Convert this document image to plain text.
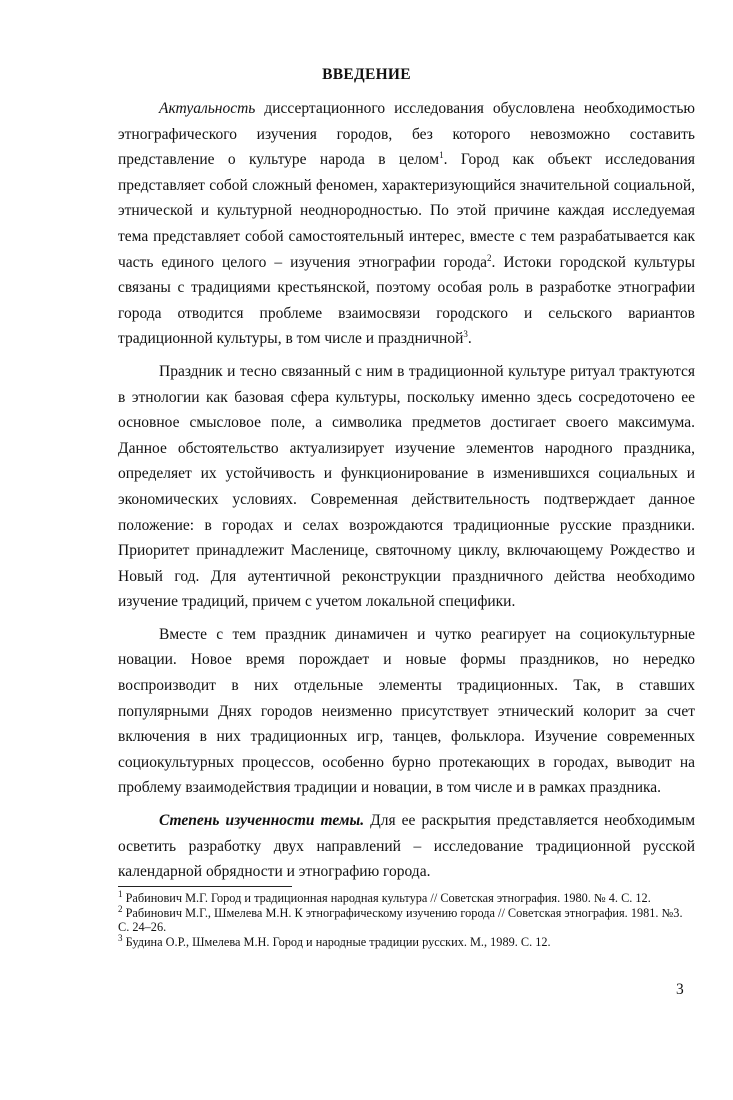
ВВЕДЕНИЕ

Актуальность диссертационного исследования обусловлена необходимостью этнографического изучения городов, без которого невозможно составить представление о культуре народа в целом$^1$. Город как объект исследования представляет собой сложный феномен, характеризующийся значительной социальной, этнической и культурной неоднородностью. По этой причине каждая исследуемая тема представляет собой самостоятельный интерес, вместе с тем разрабатывается как часть единого целого – изучения этнографии города$^2$. Истоки городской культуры связаны с традициями крестьянской, поэтому особая роль в разработке этнографии города отводится проблеме взаимосвязи городского и сельского вариантов традиционной культуры, в том числе и праздничной$^3$.

Праздник и тесно связанный с ним в традиционной культуре ритуал трактуются в этнологии как базовая сфера культуры, поскольку именно здесь сосредоточено ее основное смысловое поле, а символика предметов достигает своего максимума. Данное обстоятельство актуализирует изучение элементов народного праздника, определяет их устойчивость и функционирование в изменившихся социальных и экономических условиях. Современная действительность подтверждает данное положение: в городах и селах возрождаются традиционные русские праздники. Приоритет принадлежит Масленице, святочному циклу, включающему Рождество и Новый год. Для аутентичной реконструкции праздничного действа необходимо изучение традиций, причем с учетом локальной специфики.

Вместе с тем праздник динамичен и чутко реагирует на социокультурные новации. Новое время порождает и новые формы праздников, но нередко воспроизводит в них отдельные элементы традиционных. Так, в ставших популярными Днях городов неизменно присутствует этнический колорит за счет включения в них традиционных игр, танцев, фольклора. Изучение современных социокультурных процессов, особенно бурно протекающих в городах, выводит на проблему взаимодействия традиции и новации, в том числе и в рамках праздника.

Степень изученности темы. Для ее раскрытия представляется необходимым осветить разработку двух направлений – исследование традиционной русской календарной обрядности и этнографию города.

$^1$ Рабинович М.Г. Город и традиционная народная культура // Советская этнография. 1980. № 4. С. 12.

$^2$ Рабинович М.Г., Шмелева М.Н. К этнографическому изучению города // Советская этнография. 1981. №3. С. 24–26.

$^3$ Будина О.Р., Шмелева М.Н. Город и народные традиции русских. М., 1989. С. 12.

3
